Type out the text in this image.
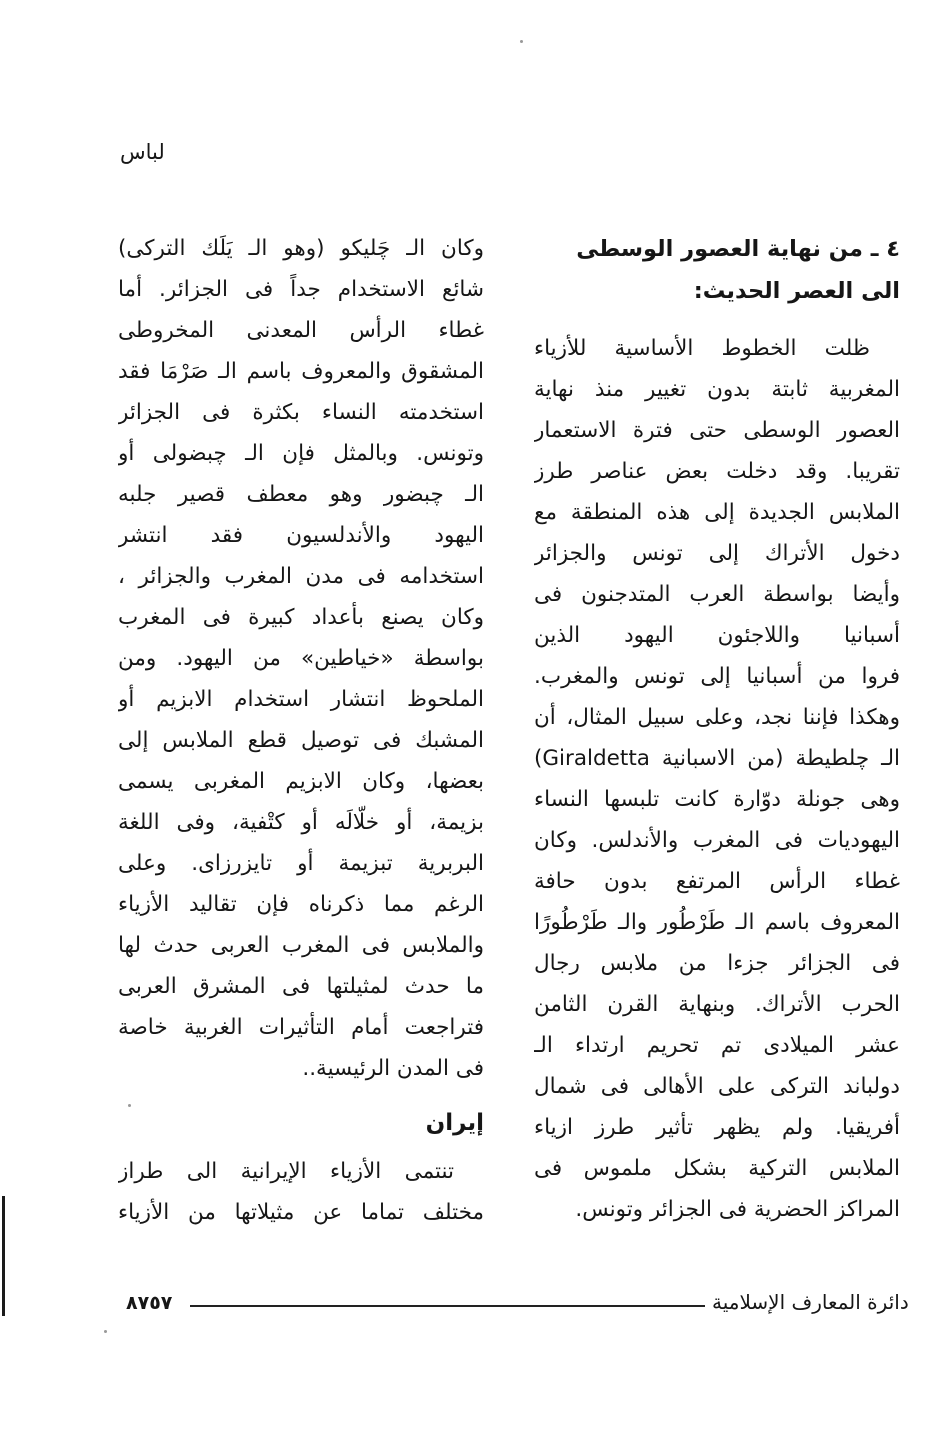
لباس
٤ ـ من نهاية العصور الوسطى
الى العصر الحديث:
ظلت الخطوط الأساسية للأزياء
المغربية ثابتة بدون تغيير منذ نهاية
العصور الوسطى حتى فترة الاستعمار
تقريبا. وقد دخلت بعض عناصر طرز
الملابس الجديدة إلى هذه المنطقة مع
دخول الأتراك إلى تونس والجزائر
وأيضا بواسطة العرب المتدجنون فى
أسبانيا واللاجئون اليهود الذين
فروا من أسبانيا إلى تونس والمغرب.
وهكذا فإننا نجد، وعلى سبيل المثال، أن
الـ چلطيطة (من الاسبانية Giraldetta)
وهى جونلة دوّارة كانت تلبسها النساء
اليهوديات فى المغرب والأندلس. وكان
غطاء الرأس المرتفع بدون حافة
المعروف باسم الـ طَرْطُور والـ طَرْطُورًا
فى الجزائر جزءا من ملابس رجال
الحرب الأتراك. وبنهاية القرن الثامن
عشر الميلادى تم تحريم ارتداء الـ
دولباند التركى على الأهالى فى شمال
أفريقيا. ولم يظهر تأثير طرز ازياء
الملابس التركية بشكل ملموس فى
المراكز الحضرية فى الجزائر وتونس.
وكان الـ چَليكو (وهو الـ يَلَك التركى)
شائع الاستخدام جداً فى الجزائر. أما
غطاء الرأس المعدنى المخروطى
المشقوق والمعروف باسم الـ صَرْمَا فقد
استخدمته النساء بكثرة فى الجزائر
وتونس. وبالمثل فإن الـ چبضولى أو
الـ چبضور وهو معطف قصير جلبه
اليهود والأندلسيون فقد انتشر
استخدامه فى مدن المغرب والجزائر ،
وكان يصنع بأعداد كبيرة فى المغرب
بواسطة «خياطين» من اليهود. ومن
الملحوظ انتشار استخدام الابزيم أو
المشبك فى توصيل قطع الملابس إلى
بعضها، وكان الابزيم المغربى يسمى
بزيمة، أو خلّالَه أو كتْفية، وفى اللغة
البربرية تبزيمة أو تايزرزاى. وعلى
الرغم مما ذكرناه فإن تقاليد الأزياء
والملابس فى المغرب العربى حدث لها
ما حدث لمثيلتها فى المشرق العربى
فتراجعت أمام التأثيرات الغربية خاصة
فى المدن الرئيسية..
إيران
تنتمى الأزياء الإيرانية الى طراز
مختلف تماما عن مثيلاتها من الأزياء
دائرة المعارف الإسلامية
٨٧٥٧
